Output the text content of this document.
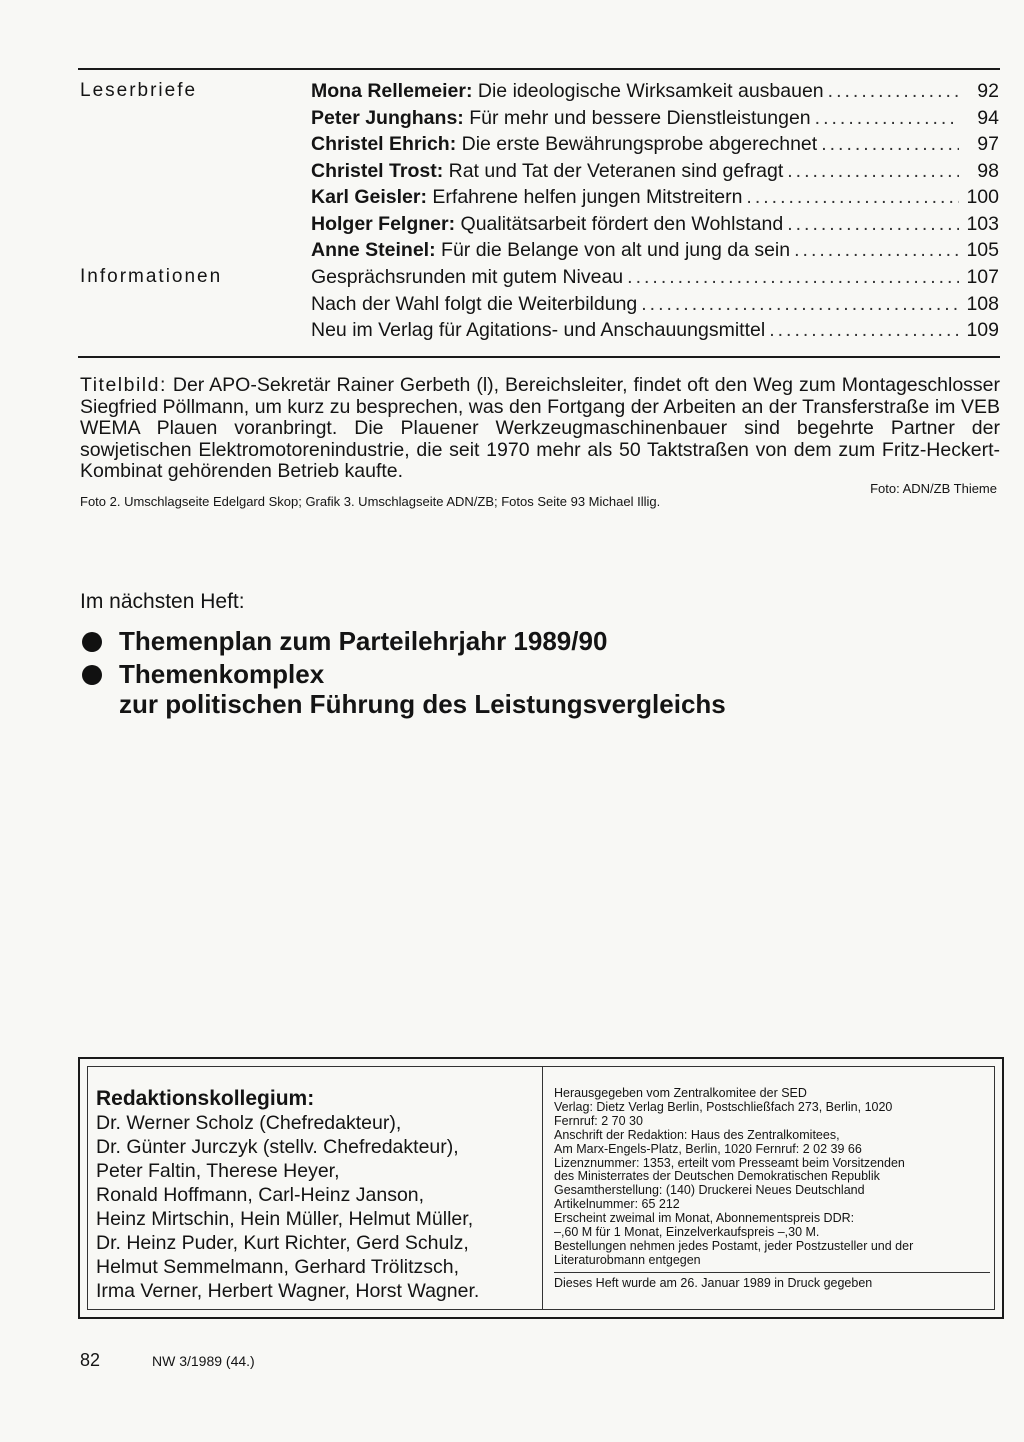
Leserbriefe	Mona Rellemeier: Die ideologische Wirksamkeit ausbauen .....	92
Peter Junghans: Für mehr und bessere Dienstleistungen .....	94
Christel Ehrich: Die erste Bewährungsprobe abgerechnet .....	97
Christel Trost: Rat und Tat der Veteranen sind gefragt .....	98
Karl Geisler: Erfahrene helfen jungen Mitstreitern .....	100
Holger Felgner: Qualitätsarbeit fördert den Wohlstand .....	103
Anne Steinel: Für die Belange von alt und jung da sein .....	105
Informationen	Gesprächsrunden mit gutem Niveau .....	107
Nach der Wahl folgt die Weiterbildung .....	108
Neu im Verlag für Agitations- und Anschauungsmittel .....	109
Titelbild: Der APO-Sekretär Rainer Gerbeth (l), Bereichsleiter, findet oft den Weg zum Montageschlosser Siegfried Pöllmann, um kurz zu besprechen, was den Fortgang der Arbeiten an der Transferstraße im VEB WEMA Plauen voranbringt. Die Plauener Werkzeugmaschinenbauer sind begehrte Partner der sowjetischen Elektromotorenindustrie, die seit 1970 mehr als 50 Taktstraßen von dem zum Fritz-Heckert-Kombinat gehörenden Betrieb kaufte.
Foto: ADN/ZB Thieme
Foto 2. Umschlagseite Edelgard Skop; Grafik 3. Umschlagseite ADN/ZB; Fotos Seite 93 Michael Illig.
Im nächsten Heft:
Themenplan zum Parteilehrjahr 1989/90
Themenkomplex
zur politischen Führung des Leistungsvergleichs
Redaktionskollegium:
Dr. Werner Scholz (Chefredakteur),
Dr. Günter Jurczyk (stellv. Chefredakteur),
Peter Faltin, Therese Heyer,
Ronald Hoffmann, Carl-Heinz Janson,
Heinz Mirtschin, Hein Müller, Helmut Müller,
Dr. Heinz Puder, Kurt Richter, Gerd Schulz,
Helmut Semmelmann, Gerhard Trölitzsch,
Irma Verner, Herbert Wagner, Horst Wagner.
Herausgegeben vom Zentralkomitee der SED
Verlag: Dietz Verlag Berlin, Postschließfach 273, Berlin, 1020
Fernruf: 2 70 30
Anschrift der Redaktion: Haus des Zentralkomitees,
Am Marx-Engels-Platz, Berlin, 1020 Fernruf: 2 02 39 66
Lizenznummer: 1353, erteilt vom Presseamt beim Vorsitzenden
des Ministerrates der Deutschen Demokratischen Republik
Gesamtherstellung: (140) Druckerei Neues Deutschland
Artikelnummer: 65 212
Erscheint zweimal im Monat, Abonnementspreis DDR:
–,60 M für 1 Monat, Einzelverkaufspreis –,30 M.
Bestellungen nehmen jedes Postamt, jeder Postzusteller und der
Literaturobmann entgegen
Dieses Heft wurde am 26. Januar 1989 in Druck gegeben
82	NW 3/1989 (44.)
